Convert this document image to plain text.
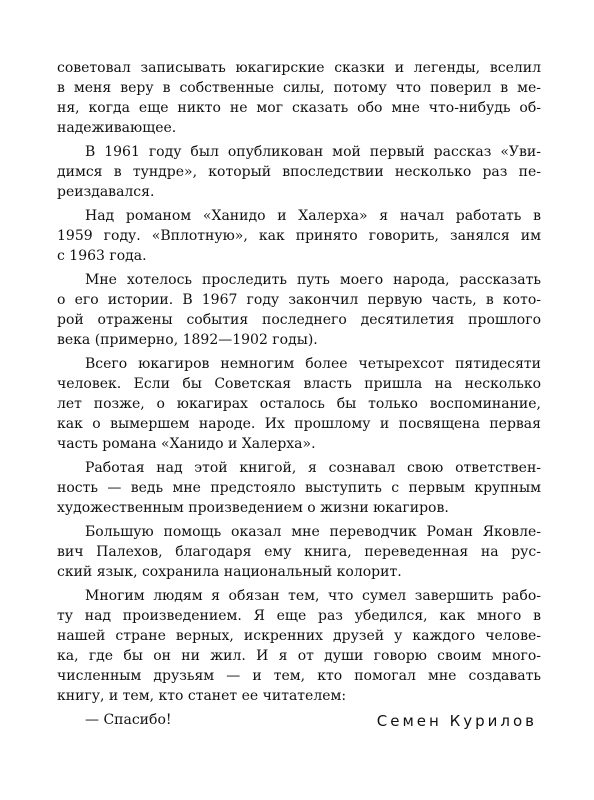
советовал записывать юкагирские сказки и легенды, вселил
в меня веру в собственные силы, потому что поверил в ме-
ня, когда еще никто не мог сказать обо мне что-нибудь об-
надеживающее.
В 1961 году был опубликован мой первый рассказ «Уви-
димся в тундре», который впоследствии несколько раз пе-
реиздавался.
Над романом «Ханидо и Халерха» я начал работать в
1959 году. «Вплотную», как принято говорить, занялся им
с 1963 года.
Мне хотелось проследить путь моего народа, рассказать
о его истории. В 1967 году закончил первую часть, в кото-
рой отражены события последнего десятилетия прошлого
века (примерно, 1892—1902 годы).
Всего юкагиров немногим более четырехсот пятидесяти
человек. Если бы Советская власть пришла на несколько
лет позже, о юкагирах осталось бы только воспоминание,
как о вымершем народе. Их прошлому и посвящена первая
часть романа «Ханидо и Халерха».
Работая над этой книгой, я сознавал свою ответствен-
ность — ведь мне предстояло выступить с первым крупным
художественным произведением о жизни юкагиров.
Большую помощь оказал мне переводчик Роман Яковле-
вич Палехов, благодаря ему книга, переведенная на рус-
ский язык, сохранила национальный колорит.
Многим людям я обязан тем, что сумел завершить рабо-
ту над произведением. Я еще раз убедился, как много в
нашей стране верных, искренних друзей у каждого челове-
ка, где бы он ни жил. И я от души говорю своим много-
численным друзьям — и тем, кто помогал мне создавать
книгу, и тем, кто станет ее читателем:
— Спасибо!	Семен Курилов
